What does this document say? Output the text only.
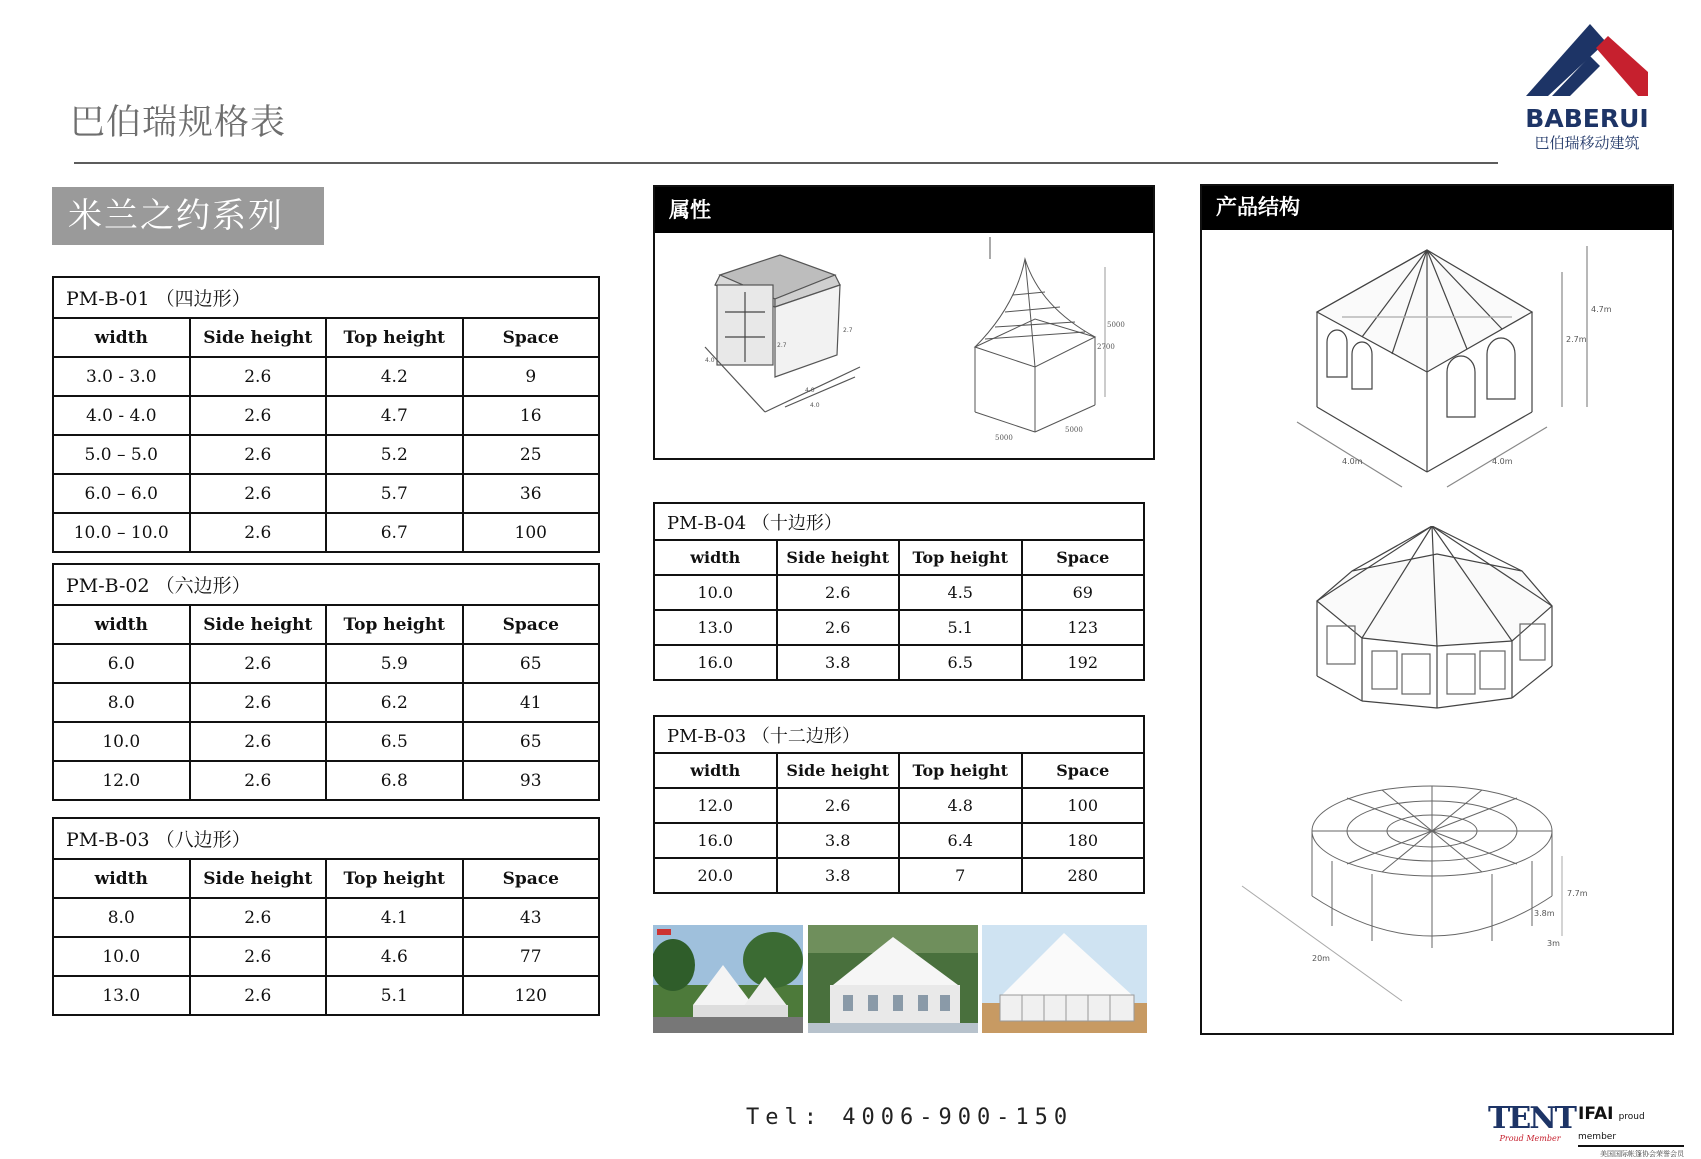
巴伯瑞规格表	BABERUI
巴伯瑞移动建筑
米兰之约系列
PM-B-01 （四边形）			
width	Side height	Top height	Space
3.0 - 3.0	2.6	4.2	9
4.0 - 4.0	2.6	4.7	16
5.0 – 5.0	2.6	5.2	25
6.0 – 6.0	2.6	5.7	36
10.0 – 10.0	2.6	6.7	100
PM-B-02 （六边形）			
width	Side height	Top height	Space
6.0	2.6	5.9	65
8.0	2.6	6.2	41
10.0	2.6	6.5	65
12.0	2.6	6.8	93
PM-B-03 （八边形）			
width	Side height	Top height	Space
8.0	2.6	4.1	43
10.0	2.6	4.6	77
13.0	2.6	5.1	120
属性
4.0
4.0
4.0
2.7
2.7
5000
2700
5000
5000
PM-B-04 （十边形）			
width	Side height	Top height	Space
10.0	2.6	4.5	69
13.0	2.6	5.1	123
16.0	3.8	6.5	192
PM-B-03 （十二边形）			
width	Side height	Top height	Space
12.0	2.6	4.8	100
16.0	3.8	6.4	180
20.0	3.8	7	280
产品结构
4.0m	4.0m
2.7m
4.7m
3.8m
7.7m
20m
3m
Tel: 4006-900-150	TENT
Proud Member
IFAI proud member
美国国际帐篷协会荣誉会员
